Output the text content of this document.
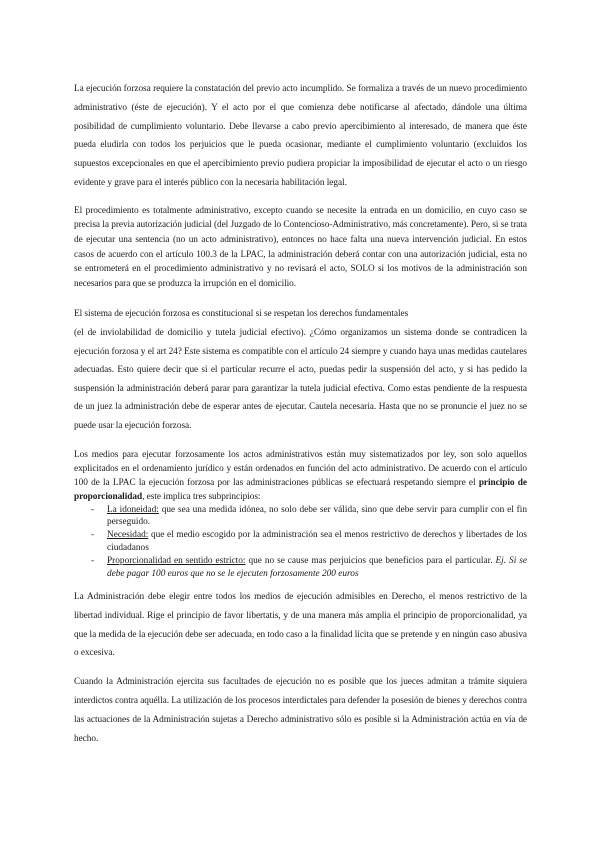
La ejecución forzosa requiere la constatación del previo acto incumplido. Se formaliza a través de un nuevo procedimiento administrativo (éste de ejecución). Y el acto por el que comienza debe notificarse al afectado, dándole una última posibilidad de cumplimiento voluntario. Debe llevarse a cabo previo apercibimiento al interesado, de manera que éste pueda eludirla con todos los perjuicios que le pueda ocasionar, mediante el cumplimiento voluntario (excluidos los supuestos excepcionales en que el apercibimiento previo pudiera propiciar la imposibilidad de ejecutar el acto o un riesgo evidente y grave para el interés público con la necesaria habilitación legal.

El procedimiento es totalmente administrativo, excepto cuando se necesite la entrada en un domicilio, en cuyo caso se precisa la previa autorización judicial (del Juzgado de lo Contencioso-Administrativo, más concretamente). Pero, si se trata de ejecutar una sentencia (no un acto administrativo), entonces no hace falta una nueva intervención judicial. En estos casos de acuerdo con el artículo 100.3 de la LPAC, la administración deberá contar con una autorización judicial, esta no se entrometerá en el procedimiento administrativo y no revisará el acto, SOLO si los motivos de la administración son necesarios para que se produzca la irrupción en el domicilio.

El sistema de ejecución forzosa es constitucional si se respetan los derechos fundamentales
(el de inviolabilidad de domicilio y tutela judicial efectivo). ¿Cómo organizamos un sistema donde se contradicen la ejecución forzosa y el art 24? Este sistema es compatible con el artículo 24 siempre y cuando haya unas medidas cautelares adecuadas. Esto quiere decir que si el particular recurre el acto, puedas pedir la suspensión del acto, y si has pedido la suspensión la administración deberá parar para garantizar la tutela judicial efectiva. Como estas pendiente de la respuesta de un juez la administración debe de esperar antes de ejecutar. Cautela necesaria. Hasta que no se pronuncie el juez no se puede usar la ejecución forzosa.

Los medios para ejecutar forzosamente los actos administrativos están muy sistematizados por ley, son solo aquellos explicitados en el ordenamiento jurídico y están ordenados en función del acto administrativo. De acuerdo con el artículo 100 de la LPAC la ejecución forzosa por las administraciones públicas se efectuará respetando siempre el principio de proporcionalidad, este implica tres subprincipios:

- La idoneidad: que sea una medida idónea, no solo debe ser válida, sino que debe servir para cumplir con el fin perseguido.
- Necesidad: que el medio escogido por la administración sea el menos restrictivo de derechos y libertades de los ciudadanos
- Proporcionalidad en sentido estricto: que no se cause mas perjuicios que beneficios para el particular. Ej. Si se debe pagar 100 euros que no se le ejecuten forzosamente 200 euros

La Administración debe elegir entre todos los medios de ejecución admisibles en Derecho, el menos restrictivo de la libertad individual. Rige el principio de favor libertatis, y de una manera más amplia el principio de proporcionalidad, ya que la medida de la ejecución debe ser adecuada, en todo caso a la finalidad lícita que se pretende y en ningún caso abusiva o excesiva.

Cuando la Administración ejercita sus facultades de ejecución no es posible que los jueces admitan a trámite siquiera interdictos contra aquélla. La utilización de los procesos interdictales para defender la posesión de bienes y derechos contra las actuaciones de la Administración sujetas a Derecho administrativo sólo es posible si la Administración actúa en vía de hecho.
